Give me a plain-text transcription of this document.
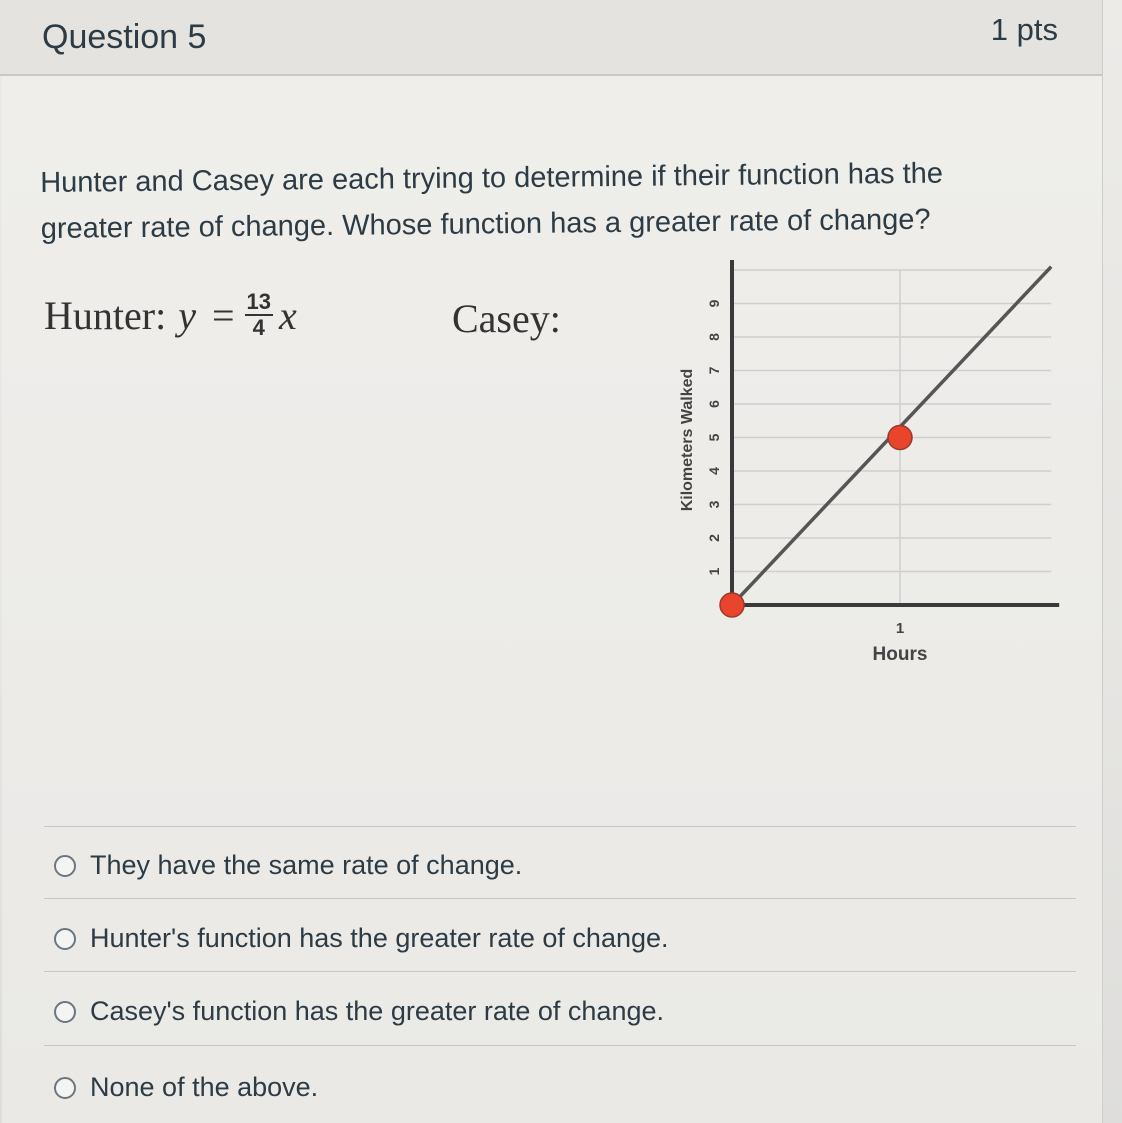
Question 5	1 pts
Hunter and Casey are each trying to determine if their function has the greater rate of change. Whose function has a greater rate of change?
Hunter: $y = \frac{13}{4}$ x	Casey:
1
2
3
4
5
6
7
8
9
1
Kilometers Walked
Hours
They have the same rate of change.
Hunter's function has the greater rate of change.
Casey's function has the greater rate of change.
None of the above.
